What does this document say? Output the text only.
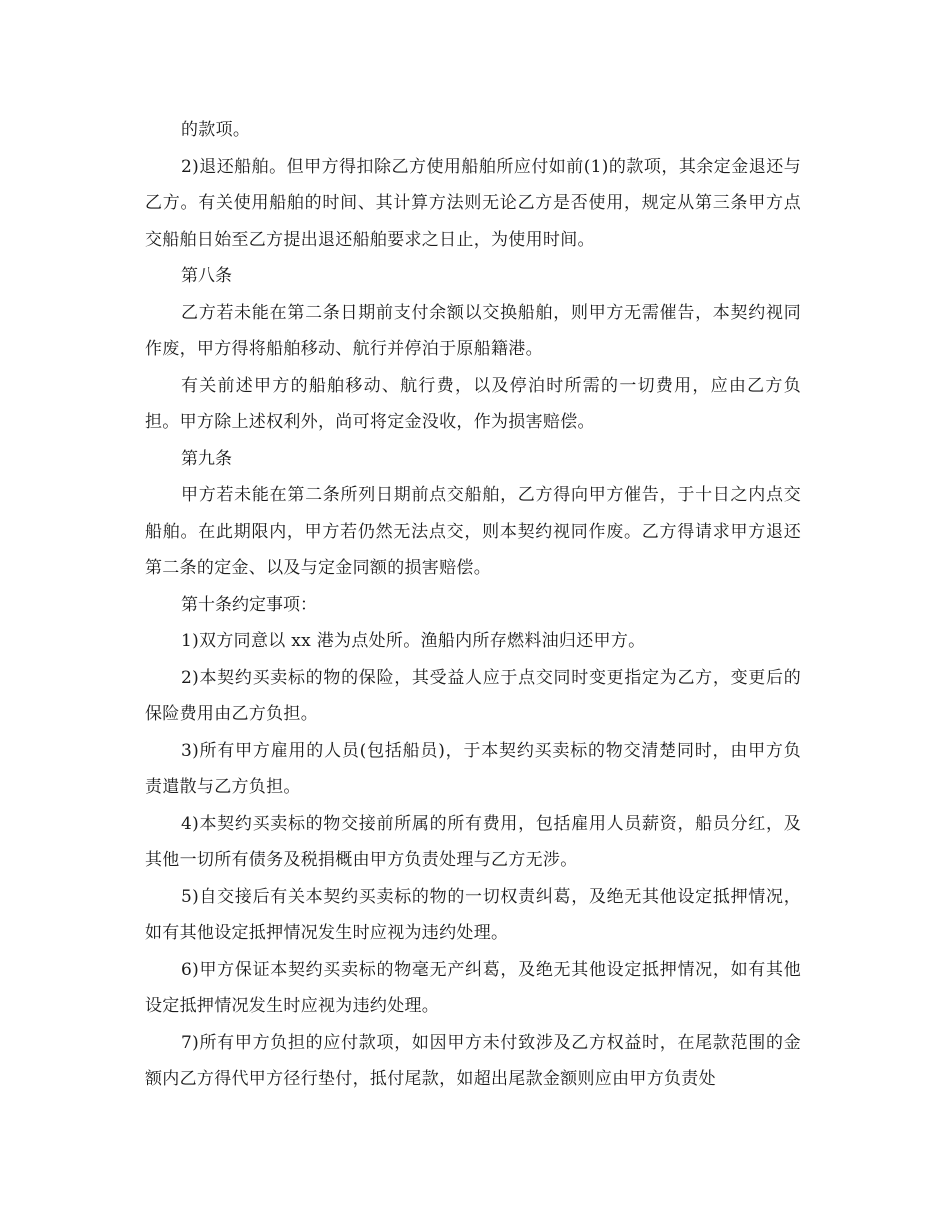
的款项。

2)退还船舶。但甲方得扣除乙方使用船舶所应付如前(1)的款项，其余定金退还与乙方。有关使用船舶的时间、其计算方法则无论乙方是否使用，规定从第三条甲方点交船舶日始至乙方提出退还船舶要求之日止，为使用时间。

第八条

乙方若未能在第二条日期前支付余额以交换船舶，则甲方无需催告，本契约视同作废，甲方得将船舶移动、航行并停泊于原船籍港。

有关前述甲方的船舶移动、航行费，以及停泊时所需的一切费用，应由乙方负担。甲方除上述权利外，尚可将定金没收，作为损害赔偿。

第九条

甲方若未能在第二条所列日期前点交船舶，乙方得向甲方催告，于十日之内点交船舶。在此期限内，甲方若仍然无法点交，则本契约视同作废。乙方得请求甲方退还第二条的定金、以及与定金同额的损害赔偿。

第十条约定事项：

1)双方同意以 xx 港为点处所。渔船内所存燃料油归还甲方。

2)本契约买卖标的物的保险，其受益人应于点交同时变更指定为乙方，变更后的保险费用由乙方负担。

3)所有甲方雇用的人员(包括船员)，于本契约买卖标的物交清楚同时，由甲方负责遣散与乙方负担。

4)本契约买卖标的物交接前所属的所有费用，包括雇用人员薪资，船员分红，及其他一切所有债务及税捐概由甲方负责处理与乙方无涉。

5)自交接后有关本契约买卖标的物的一切权责纠葛，及绝无其他设定抵押情况，如有其他设定抵押情况发生时应视为违约处理。

6)甲方保证本契约买卖标的物毫无产纠葛，及绝无其他设定抵押情况，如有其他设定抵押情况发生时应视为违约处理。

7)所有甲方负担的应付款项，如因甲方未付致涉及乙方权益时，在尾款范围的金额内乙方得代甲方径行垫付，抵付尾款，如超出尾款金额则应由甲方负责处
